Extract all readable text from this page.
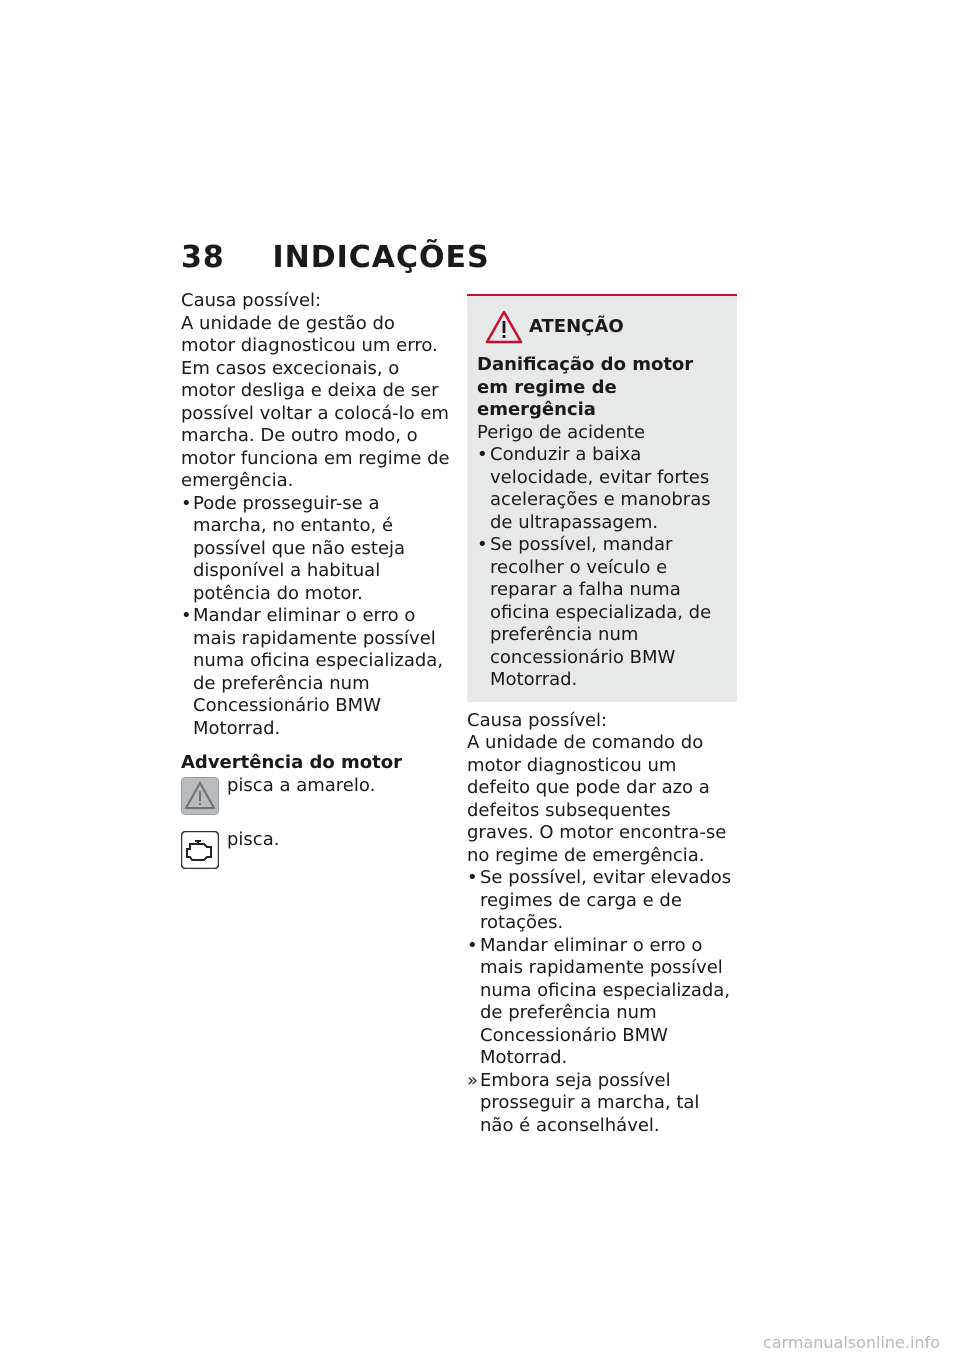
38 INDICAÇÕES

Causa possível:

A unidade de gestão do motor diagnosticou um erro. Em casos excecionais, o motor desliga e deixa de ser possível voltar a colocá-lo em marcha. De outro modo, o motor funciona em regime de emergência.

• Pode prosseguir-se a marcha, no entanto, é possível que não esteja disponível a habitual potência do motor.
• Mandar eliminar o erro o mais rapidamente possível numa oficina especializada, de preferência num Concessionário BMW Motorrad.

Advertência do motor

pisca a amarelo.
pisca.
ATENÇÃO

Danificação do motor em regime de emergência

Perigo de acidente

• Conduzir a baixa velocidade, evitar fortes acelerações e manobras de ultrapassagem.
• Se possível, mandar recolher o veículo e reparar a falha numa oficina especializada, de preferência num concessionário BMW Motorrad.

Causa possível:

A unidade de comando do motor diagnosticou um defeito que pode dar azo a defeitos subsequentes graves. O motor encontra-se no regime de emergência.

• Se possível, evitar elevados regimes de carga e de rotações.
• Mandar eliminar o erro o mais rapidamente possível numa oficina especializada, de preferência num Concessionário BMW Motorrad.
» Embora seja possível prosseguir a marcha, tal não é aconselhável.
carmanualsonline.info
